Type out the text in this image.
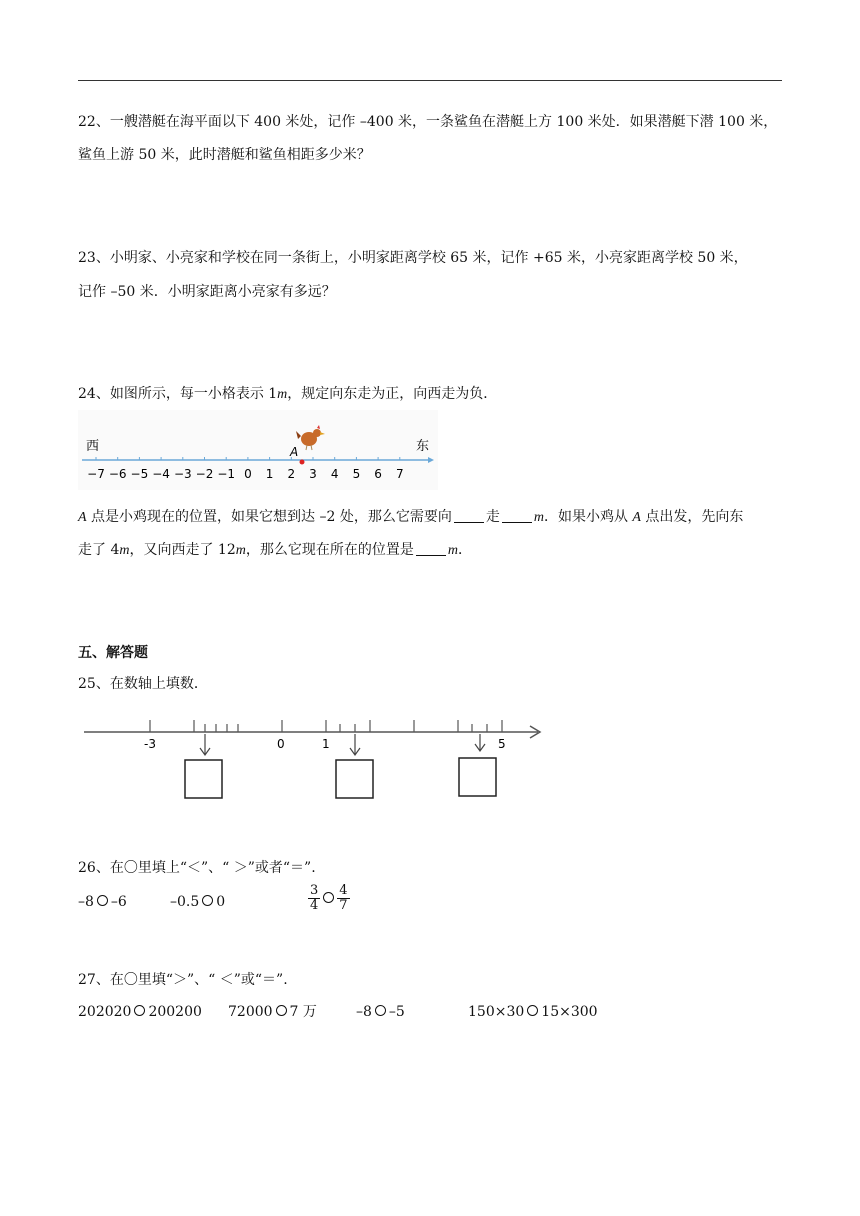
22、一艘潜艇在海平面以下 400 米处，记作 –400 米，一条鲨鱼在潜艇上方 100 米处．如果潜艇下潜 100 米，
鲨鱼上游 50 米，此时潜艇和鲨鱼相距多少米？
23、小明家、小亮家和学校在同一条街上，小明家距离学校 65 米，记作 +65 米，小亮家距离学校 50 米，
记作 –50 米．小明家距离小亮家有多远？
24、如图所示，每一小格表示 1m，规定向东走为正，向西走为负．
西	东
−7 −6 −5 −4 −3 −2 −1 0 1 2 3 4 5 6 7
A
A 点是小鸡现在的位置，如果它想到达 –2 处，那么它需要向 走 m．如果小鸡从 A 点出发，先向东
走了 4m，又向西走了 12m，那么它现在所在的位置是 m．
五、解答题
25、在数轴上填数．
-3	0	1	5
26、在〇里填上“＜”、“ ＞”或者“＝”.
–8 –6	–0.5 0	$\frac{3}{4} \frac{4}{7}$
27、在〇里填“＞”、“ ＜”或“＝”.
202020 200200 72000 7 万	–8 –5	150×30 15×300
